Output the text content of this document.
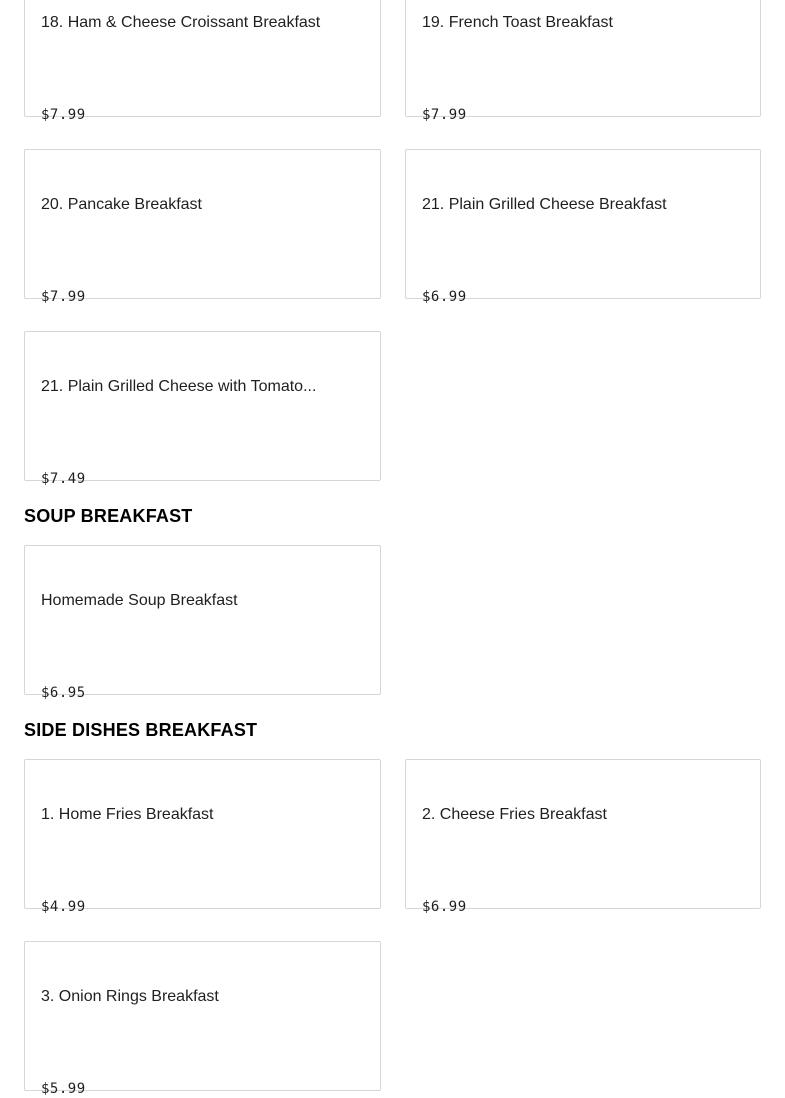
18. Ham & Cheese Croissant Breakfast
$7.99
19. French Toast Breakfast
$7.99
20. Pancake Breakfast
$7.99
21. Plain Grilled Cheese Breakfast
$6.99
21. Plain Grilled Cheese with Tomato...
$7.49
SOUP BREAKFAST
Homemade Soup Breakfast
$6.95
SIDE DISHES BREAKFAST
1. Home Fries Breakfast
$4.99
2. Cheese Fries Breakfast
$6.99
3. Onion Rings Breakfast
$5.99
